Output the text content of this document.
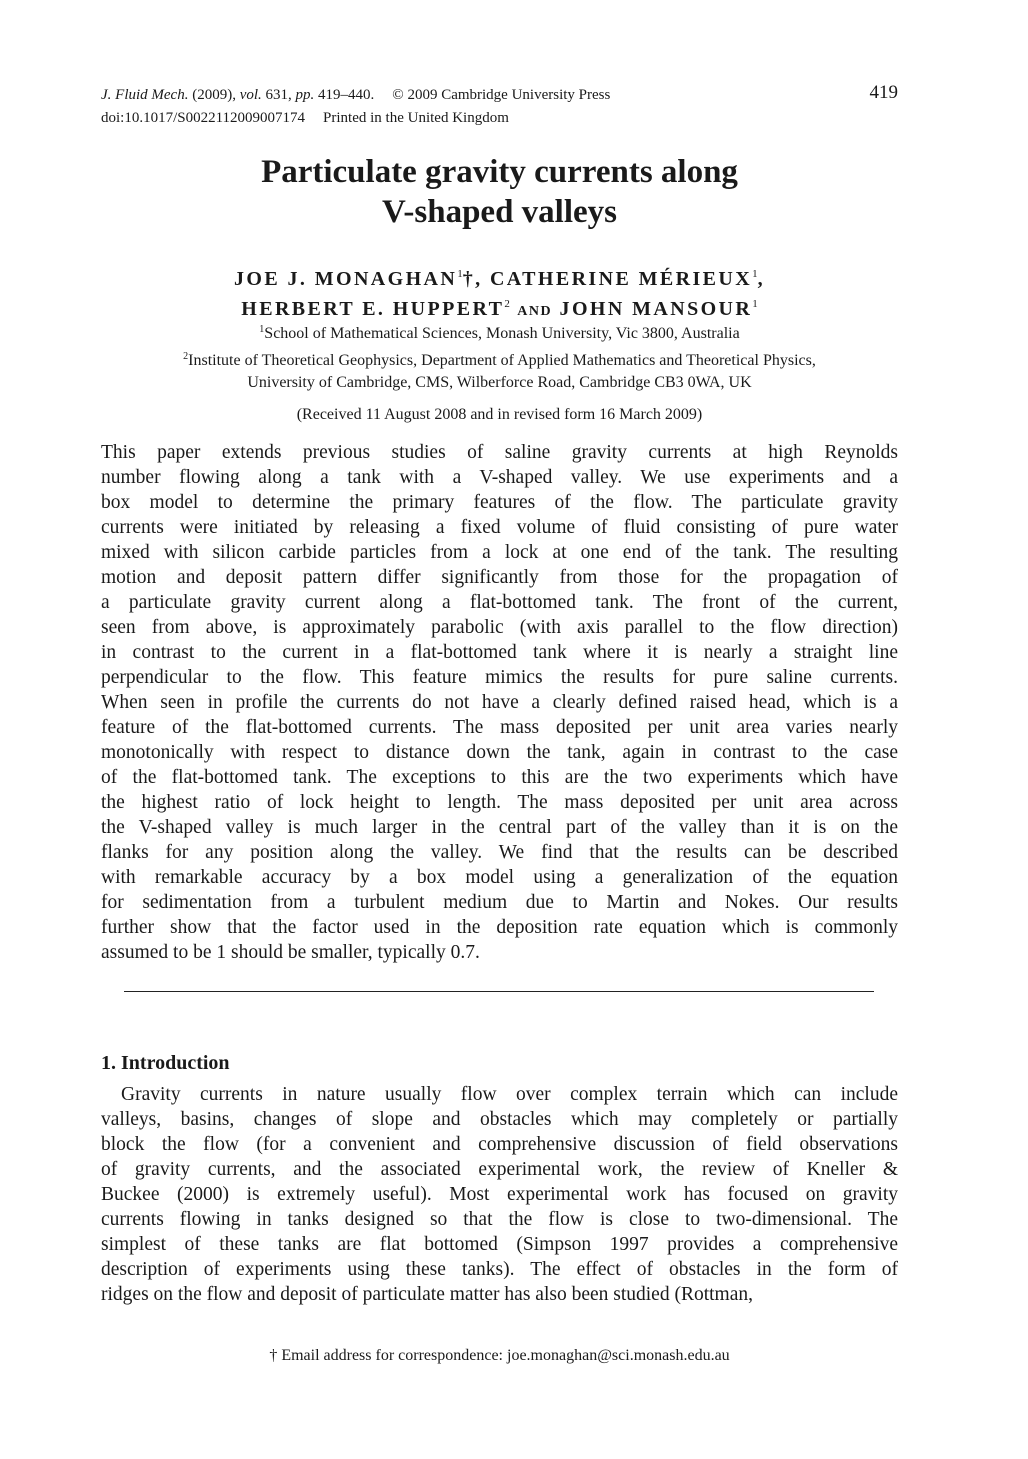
J. Fluid Mech. (2009), vol. 631, pp. 419–440. © 2009 Cambridge University Press
doi:10.1017/S0022112009007174 Printed in the United Kingdom
419
Particulate gravity currents along
V-shaped valleys
JOE J. MONAGHAN$^1$†, CATHERINE MÉRIEUX$^1$,
HERBERT E. HUPPERT$^2$ AND JOHN MANSOUR$^1$
$^1$School of Mathematical Sciences, Monash University, Vic 3800, Australia
$^2$Institute of Theoretical Geophysics, Department of Applied Mathematics and Theoretical Physics,
University of Cambridge, CMS, Wilberforce Road, Cambridge CB3 0WA, UK
(Received 11 August 2008 and in revised form 16 March 2009)
This paper extends previous studies of saline gravity currents at high Reynolds
number flowing along a tank with a V-shaped valley. We use experiments and a
box model to determine the primary features of the flow. The particulate gravity
currents were initiated by releasing a fixed volume of fluid consisting of pure water
mixed with silicon carbide particles from a lock at one end of the tank. The resulting
motion and deposit pattern differ significantly from those for the propagation of
a particulate gravity current along a flat-bottomed tank. The front of the current,
seen from above, is approximately parabolic (with axis parallel to the flow direction)
in contrast to the current in a flat-bottomed tank where it is nearly a straight line
perpendicular to the flow. This feature mimics the results for pure saline currents.
When seen in profile the currents do not have a clearly defined raised head, which is a
feature of the flat-bottomed currents. The mass deposited per unit area varies nearly
monotonically with respect to distance down the tank, again in contrast to the case
of the flat-bottomed tank. The exceptions to this are the two experiments which have
the highest ratio of lock height to length. The mass deposited per unit area across
the V-shaped valley is much larger in the central part of the valley than it is on the
flanks for any position along the valley. We find that the results can be described
with remarkable accuracy by a box model using a generalization of the equation
for sedimentation from a turbulent medium due to Martin and Nokes. Our results
further show that the factor used in the deposition rate equation which is commonly
assumed to be 1 should be smaller, typically 0.7.
1. Introduction
Gravity currents in nature usually flow over complex terrain which can include
valleys, basins, changes of slope and obstacles which may completely or partially
block the flow (for a convenient and comprehensive discussion of field observations
of gravity currents, and the associated experimental work, the review of Kneller &
Buckee (2000) is extremely useful). Most experimental work has focused on gravity
currents flowing in tanks designed so that the flow is close to two-dimensional. The
simplest of these tanks are flat bottomed (Simpson 1997 provides a comprehensive
description of experiments using these tanks). The effect of obstacles in the form of
ridges on the flow and deposit of particulate matter has also been studied (Rottman,
† Email address for correspondence: joe.monaghan@sci.monash.edu.au
